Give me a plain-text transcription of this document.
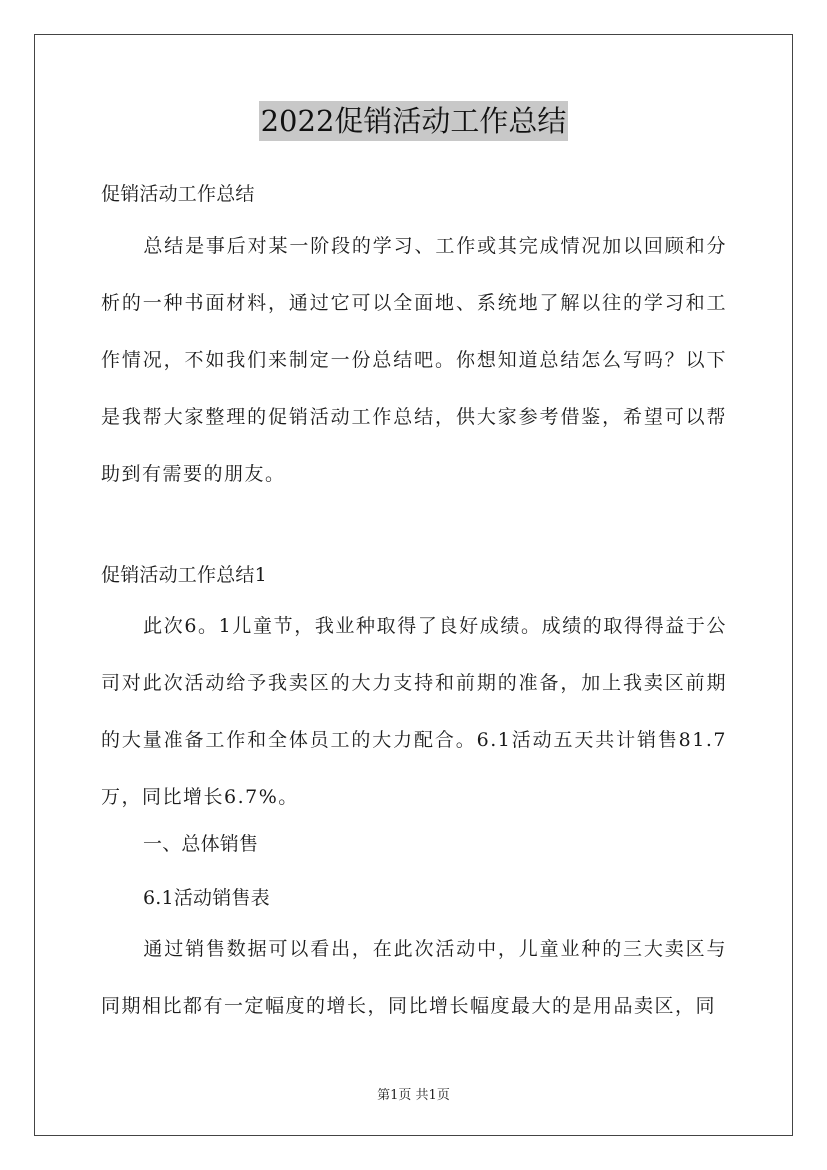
2022促销活动工作总结
促销活动工作总结
总结是事后对某一阶段的学习、工作或其完成情况加以回顾和分析的一种书面材料，通过它可以全面地、系统地了解以往的学习和工作情况，不如我们来制定一份总结吧。你想知道总结怎么写吗？以下是我帮大家整理的促销活动工作总结，供大家参考借鉴，希望可以帮助到有需要的朋友。
促销活动工作总结1
此次6。1儿童节，我业种取得了良好成绩。成绩的取得得益于公司对此次活动给予我卖区的大力支持和前期的准备，加上我卖区前期的大量准备工作和全体员工的大力配合。6.1活动五天共计销售81.7万，同比增长6.7%。
一、总体销售
6.1活动销售表
通过销售数据可以看出，在此次活动中，儿童业种的三大卖区与同期相比都有一定幅度的增长，同比增长幅度最大的是用品卖区，同
第1页 共1页
